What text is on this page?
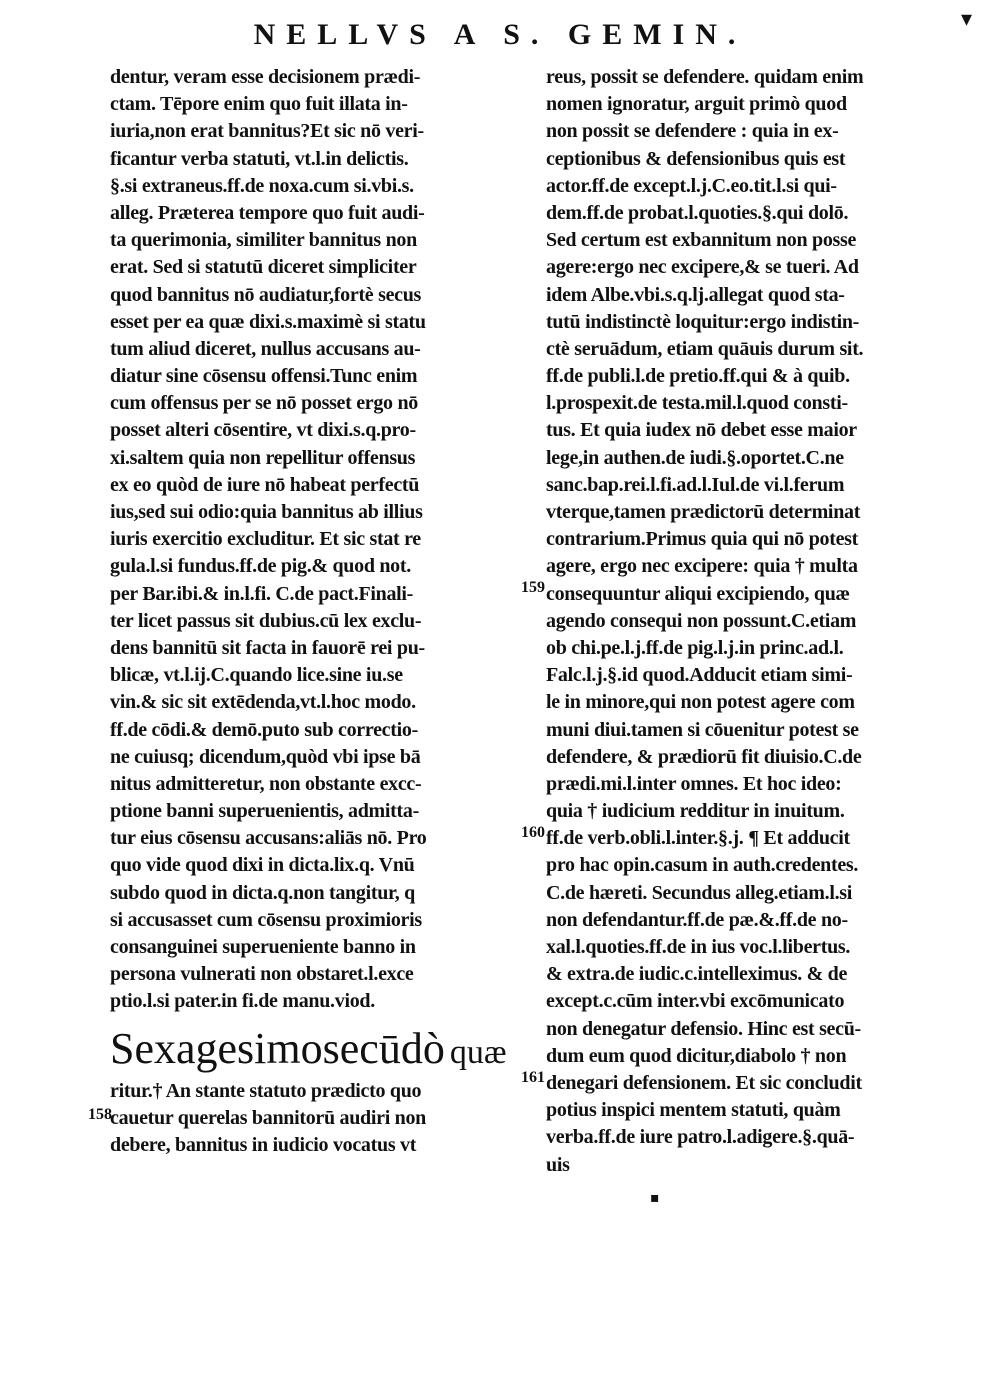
NELLVS A S. GEMIN.	▾
dentur, veram esse decisionem prædi-
ctam. Tēpore enim quo fuit illata in-
iuria,non erat bannitus?Et sic nō veri-
ficantur verba statuti, vt.l.in delictis.
§.si extraneus.ff.de noxa.cum si.vbi.s.
alleg. Præterea tempore quo fuit audi-
ta querimonia, similiter bannitus non
erat. Sed si statutū diceret simpliciter
quod bannitus nō audiatur,fortè secus
esset per ea quæ dixi.s.maximè si statu
tum aliud diceret, nullus accusans au-
diatur sine cōsensu offensi.Tunc enim
cum offensus per se nō posset ergo nō
posset alteri cōsentire, vt dixi.s.q.pro-
xi.saltem quia non repellitur offensus
ex eo quòd de iure nō habeat perfectū
ius,sed sui odio:quia bannitus ab illius
iuris exercitio excluditur. Et sic stat re
gula.l.si fundus.ff.de pig.& quod not.
per Bar.ibi.& in.l.fi. C.de pact.Finali-
ter licet passus sit dubius.cū lex exclu-
dens bannitū sit facta in fauorē rei pu-
blicæ, vt.l.ij.C.quando lice.sine iu.se
vin.& sic sit extēdenda,vt.l.hoc modo.
ff.de cōdi.& demō.puto sub correctio-
ne cuiusq; dicendum,quòd vbi ipse bā
nitus admitteretur, non obstante excc-
ptione banni superuenientis, admitta-
tur eius cōsensu accusans:aliās nō. Pro
quo vide quod dixi in dicta.lix.q. Vnū
subdo quod in dicta.q.non tangitur, q
si accusasset cum cōsensu proximioris
consanguinei superueniente banno in
persona vulnerati non obstaret.l.exce
ptio.l.si pater.in fi.de manu.viod.
Sexagesimosecūdò quæ
ritur.† An stante statuto prædicto quo
cauetur querelas bannitorū audiri non
debere, bannitus in iudicio vocatus vt
reus, possit se defendere. quidam enim
nomen ignoratur, arguit primò quod
non possit se defendere : quia in ex-
ceptionibus & defensionibus quis est
actor.ff.de except.l.j.C.eo.tit.l.si qui-
dem.ff.de probat.l.quoties.§.qui dolō.
Sed certum est exbannitum non posse
agere:ergo nec excipere,& se tueri. Ad
idem Albe.vbi.s.q.lj.allegat quod sta-
tutū indistinctè loquitur:ergo indistin-
ctè seruādum, etiam quāuis durum sit.
ff.de publi.l.de pretio.ff.qui & à quib.
l.prospexit.de testa.mil.l.quod consti-
tus. Et quia iudex nō debet esse maior
lege,in authen.de iudi.§.oportet.C.ne
sanc.bap.rei.l.fi.ad.l.Iul.de vi.l.ferum
vterque,tamen prædictorū determinat
contrarium.Primus quia qui nō potest
agere, ergo nec excipere: quia † multa
consequuntur aliqui excipiendo, quæ
agendo consequi non possunt.C.etiam
ob chi.pe.l.j.ff.de pig.l.j.in princ.ad.l.
Falc.l.j.§.id quod.Adducit etiam simi-
le in minore,qui non potest agere com
muni diui.tamen si cōuenitur potest se
defendere, & prædiorū fit diuisio.C.de
prædi.mi.l.inter omnes. Et hoc ideo:
quia † iudicium redditur in inuitum.
ff.de verb.obli.l.inter.§.j. ¶ Et adducit
pro hac opin.casum in auth.credentes.
C.de hæreti. Secundus alleg.etiam.l.si
non defendantur.ff.de pæ.&.ff.de no-
xal.l.quoties.ff.de in ius voc.l.libertus.
& extra.de iudic.c.intelleximus. & de
except.c.cūm inter.vbi excōmunicato
non denegatur defensio. Hinc est secū-
dum eum quod dicitur,diabolo † non
denegari defensionem. Et sic concludit
potius inspici mentem statuti, quàm
verba.ff.de iure patro.l.adigere.§.quā-
uis
158
159
160
161
▪
